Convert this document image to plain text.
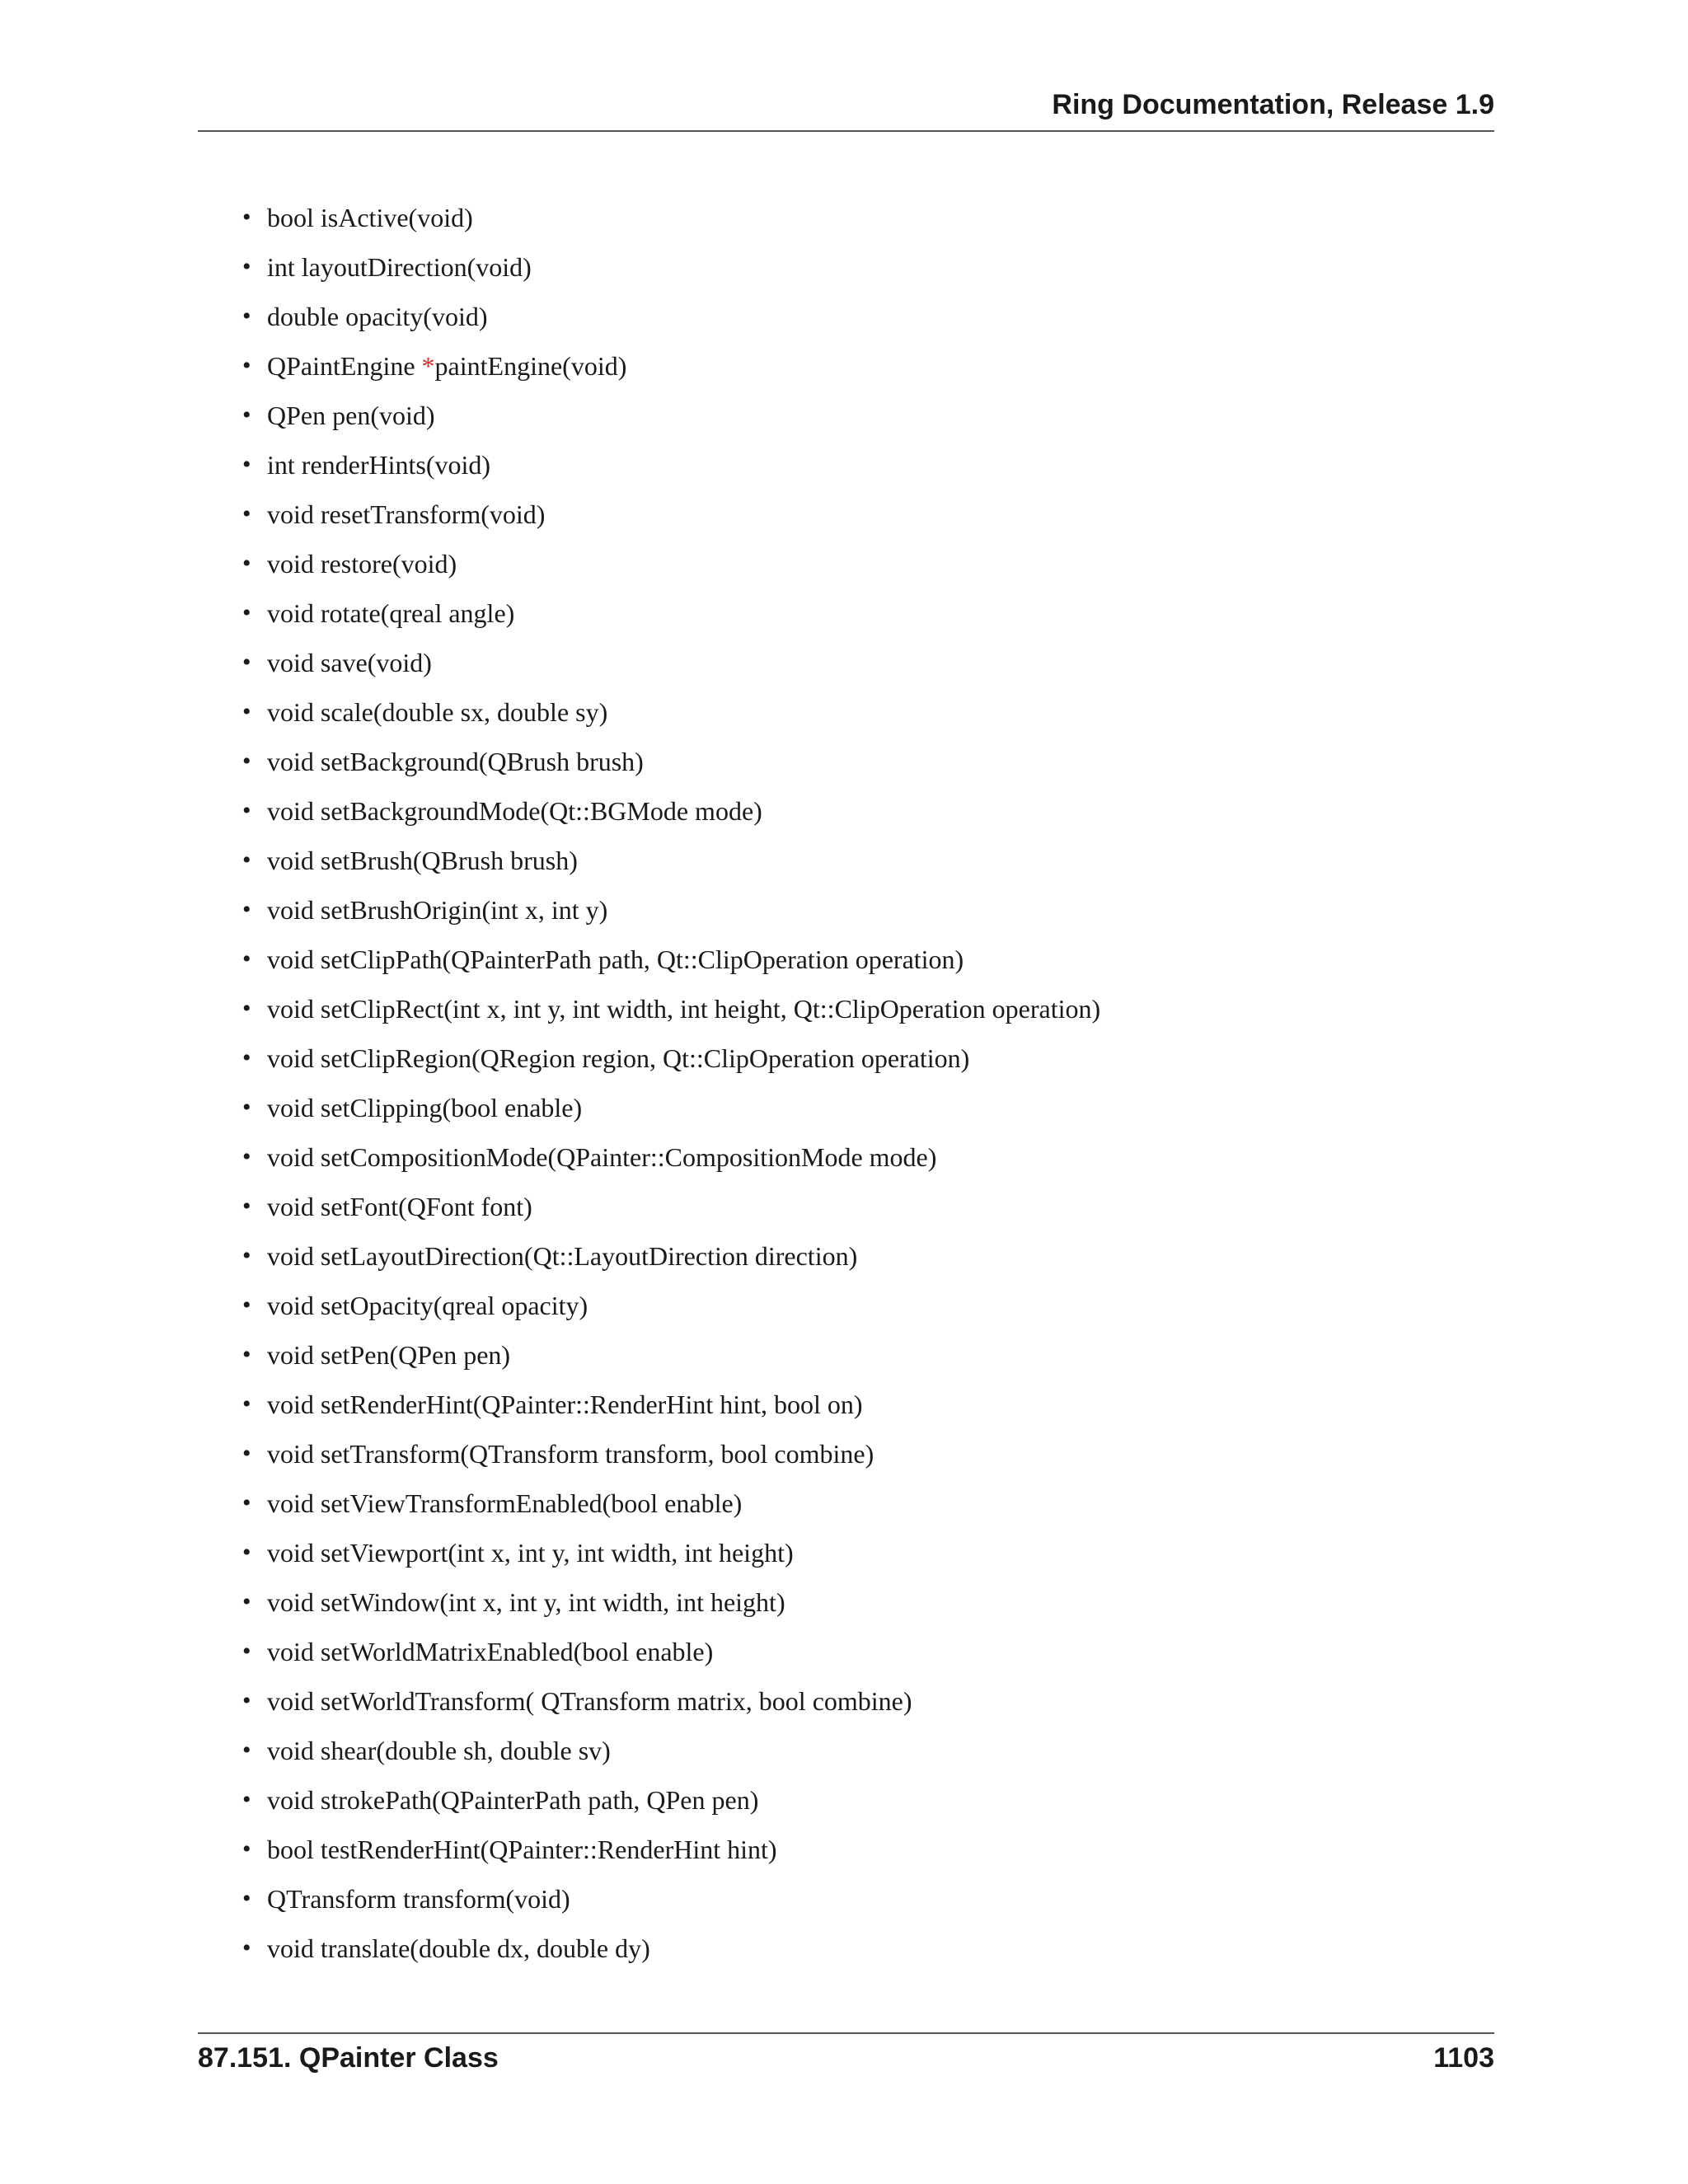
Ring Documentation, Release 1.9
• bool isActive(void)
• int layoutDirection(void)
• double opacity(void)
• QPaintEngine *paintEngine(void)
• QPen pen(void)
• int renderHints(void)
• void resetTransform(void)
• void restore(void)
• void rotate(qreal angle)
• void save(void)
• void scale(double sx, double sy)
• void setBackground(QBrush brush)
• void setBackgroundMode(Qt::BGMode mode)
• void setBrush(QBrush brush)
• void setBrushOrigin(int x, int y)
• void setClipPath(QPainterPath path, Qt::ClipOperation operation)
• void setClipRect(int x, int y, int width, int height, Qt::ClipOperation operation)
• void setClipRegion(QRegion region, Qt::ClipOperation operation)
• void setClipping(bool enable)
• void setCompositionMode(QPainter::CompositionMode mode)
• void setFont(QFont font)
• void setLayoutDirection(Qt::LayoutDirection direction)
• void setOpacity(qreal opacity)
• void setPen(QPen pen)
• void setRenderHint(QPainter::RenderHint hint, bool on)
• void setTransform(QTransform transform, bool combine)
• void setViewTransformEnabled(bool enable)
• void setViewport(int x, int y, int width, int height)
• void setWindow(int x, int y, int width, int height)
• void setWorldMatrixEnabled(bool enable)
• void setWorldTransform( QTransform matrix, bool combine)
• void shear(double sh, double sv)
• void strokePath(QPainterPath path, QPen pen)
• bool testRenderHint(QPainter::RenderHint hint)
• QTransform transform(void)
• void translate(double dx, double dy)
87.151. QPainter Class	1103
